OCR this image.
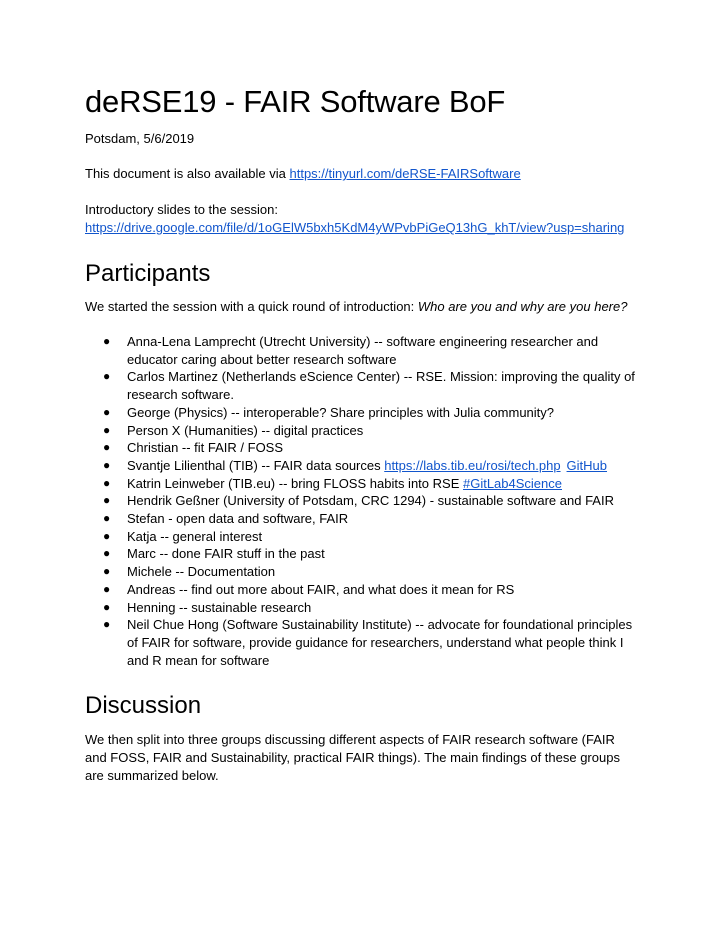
deRSE19 - FAIR Software BoF

Potsdam, 5/6/2019

This document is also available via https://tinyurl.com/deRSE-FAIRSoftware

Introductory slides to the session:

https://drive.google.com/file/d/1oGElW5bxh5KdM4yWPvbPiGeQ13hG_khT/view?usp=sharing

Participants

We started the session with a quick round of introduction: Who are you and why are you here?

● Anna-Lena Lamprecht (Utrecht University) -- software engineering researcher and educator caring about better research software
● Carlos Martinez (Netherlands eScience Center) -- RSE. Mission: improving the quality of research software.
● George (Physics) -- interoperable? Share principles with Julia community?
● Person X (Humanities) -- digital practices
● Christian -- fit FAIR / FOSS
● Svantje Lilienthal (TIB) -- FAIR data sources https://labs.tib.eu/rosi/tech.php GitHub
● Katrin Leinweber (TIB.eu) -- bring FLOSS habits into RSE #GitLab4Science
● Hendrik Geßner (University of Potsdam, CRC 1294) - sustainable software and FAIR
● Stefan - open data and software, FAIR
● Katja -- general interest
● Marc -- done FAIR stuff in the past
● Michele -- Documentation
● Andreas -- find out more about FAIR, and what does it mean for RS
● Henning -- sustainable research
● Neil Chue Hong (Software Sustainability Institute) -- advocate for foundational principles of FAIR for software, provide guidance for researchers, understand what people think I and R mean for software
Discussion

We then split into three groups discussing different aspects of FAIR research software (FAIR and FOSS, FAIR and Sustainability, practical FAIR things). The main findings of these groups are summarized below.
